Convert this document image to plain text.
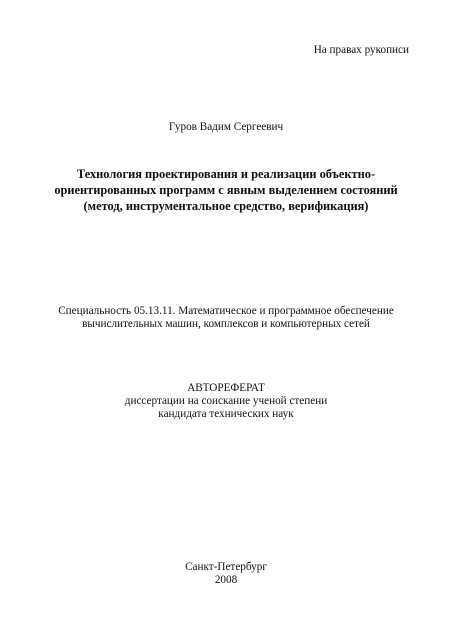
На правах рукописи
Гуров Вадим Сергеевич
Технология проектирования и реализации объектно-
ориентированных программ с явным выделением состояний
(метод, инструментальное средство, верификация)
Специальность 05.13.11. Математическое и программное обеспечение
вычислительных машин, комплексов и компьютерных сетей
АВТОРЕФЕРАТ
диссертации на соискание ученой степени
кандидата технических наук
Санкт-Петербург
2008
